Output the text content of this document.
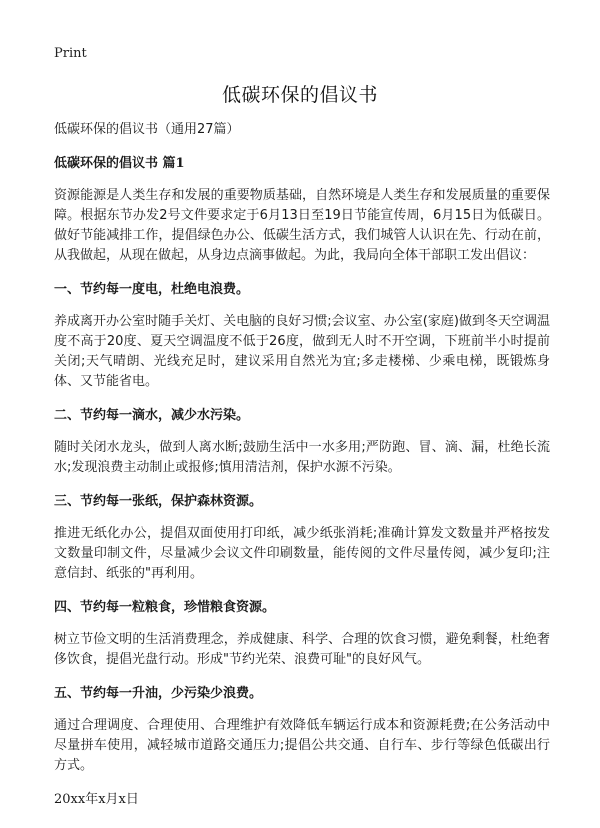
Print
低碳环保的倡议书

低碳环保的倡议书（通用27篇）

低碳环保的倡议书 篇1

资源能源是人类生存和发展的重要物质基础，自然环境是人类生存和发展质量的重要保障。根据东节办发2号文件要求定于6月13日至19日节能宣传周，6月15日为低碳日。做好节能减排工作，提倡绿色办公、低碳生活方式，我们城管人认识在先、行动在前，从我做起，从现在做起，从身边点滴事做起。为此，我局向全体干部职工发出倡议：

一、节约每一度电，杜绝电浪费。

养成离开办公室时随手关灯、关电脑的良好习惯;会议室、办公室(家庭)做到冬天空调温度不高于20度、夏天空调温度不低于26度，做到无人时不开空调，下班前半小时提前关闭;天气晴朗、光线充足时，建议采用自然光为宜;多走楼梯、少乘电梯，既锻炼身体、又节能省电。

二、节约每一滴水，减少水污染。

随时关闭水龙头，做到人离水断;鼓励生活中一水多用;严防跑、冒、滴、漏，杜绝长流水;发现浪费主动制止或报修;慎用清洁剂，保护水源不污染。

三、节约每一张纸，保护森林资源。

推进无纸化办公，提倡双面使用打印纸，减少纸张消耗;准确计算发文数量并严格按发文数量印制文件，尽量减少会议文件印刷数量，能传阅的文件尽量传阅，减少复印;注意信封、纸张的"再利用。

四、节约每一粒粮食，珍惜粮食资源。

树立节俭文明的生活消费理念，养成健康、科学、合理的饮食习惯，避免剩餐，杜绝奢侈饮食，提倡光盘行动。形成"节约光荣、浪费可耻"的良好风气。

五、节约每一升油，少污染少浪费。

通过合理调度、合理使用、合理维护有效降低车辆运行成本和资源耗费;在公务活动中尽量拼车使用，减轻城市道路交通压力;提倡公共交通、自行车、步行等绿色低碳出行方式。

20xx年x月x日
